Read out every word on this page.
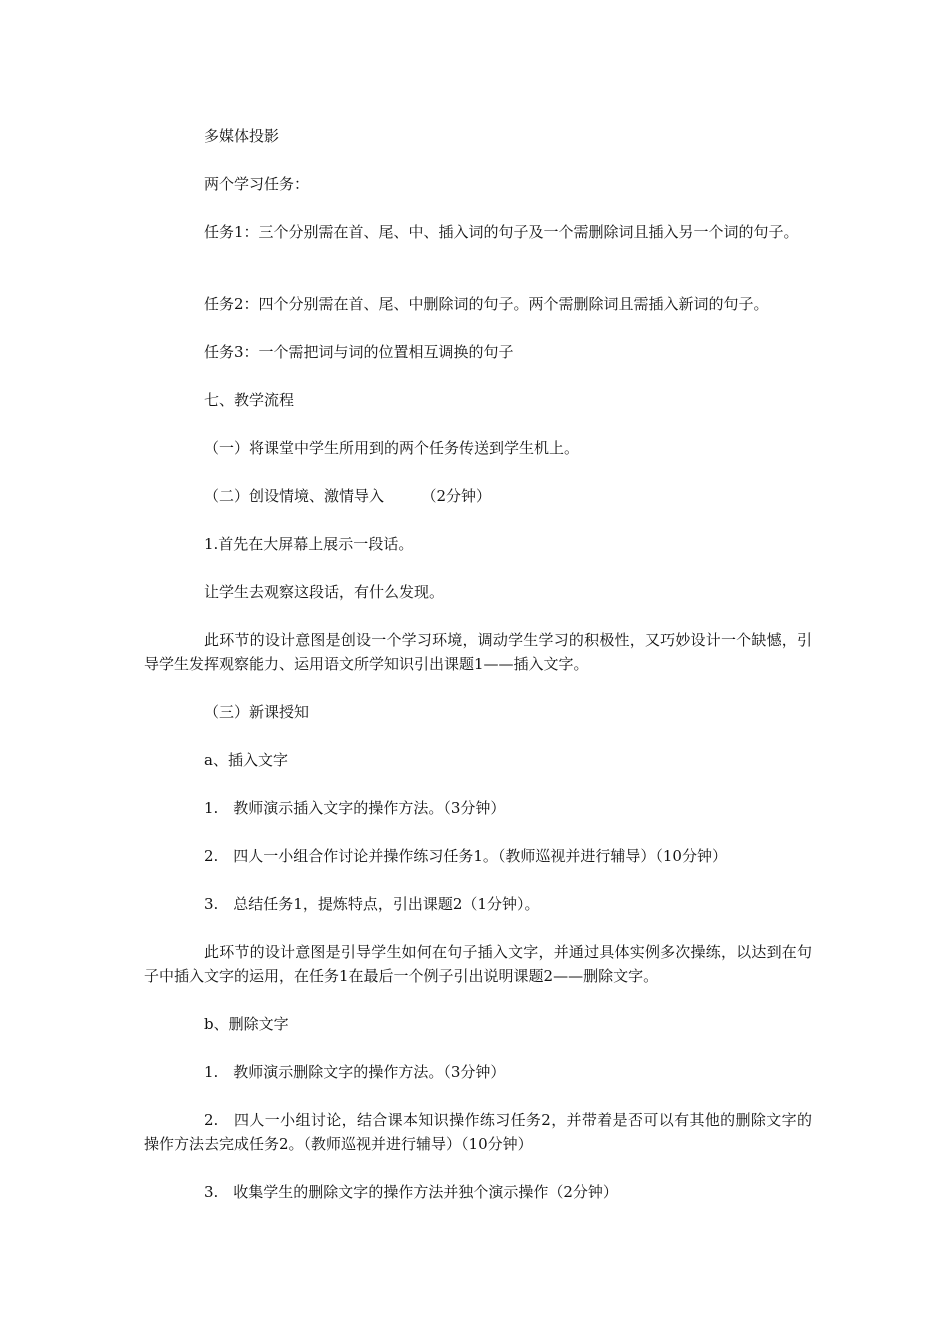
多媒体投影
两个学习任务：
任务1：三个分别需在首、尾、中、插入词的句子及一个需删除词且插入另一个词的句子。
任务2：四个分别需在首、尾、中删除词的句子。两个需删除词且需插入新词的句子。
任务3：一个需把词与词的位置相互调换的句子
七、教学流程
（一）将课堂中学生所用到的两个任务传送到学生机上。
（二）创设情境、激情导入　　　（2分钟）
1.首先在大屏幕上展示一段话。
让学生去观察这段话，有什么发现。
此环节的设计意图是创设一个学习环境，调动学生学习的积极性，又巧妙设计一个缺憾，引导学生发挥观察能力、运用语文所学知识引出课题1——插入文字。
（三）新课授知
a、插入文字
1.　教师演示插入文字的操作方法。（3分钟）
2.　四人一小组合作讨论并操作练习任务1。（教师巡视并进行辅导）（10分钟）
3.　总结任务1，提炼特点，引出课题2（1分钟）。
此环节的设计意图是引导学生如何在句子插入文字，并通过具体实例多次操练，以达到在句子中插入文字的运用，在任务1在最后一个例子引出说明课题2——删除文字。
b、删除文字
1.　教师演示删除文字的操作方法。（3分钟）
2.　四人一小组讨论，结合课本知识操作练习任务2，并带着是否可以有其他的删除文字的操作方法去完成任务2。（教师巡视并进行辅导）（10分钟）
3.　收集学生的删除文字的操作方法并独个演示操作（2分钟）
